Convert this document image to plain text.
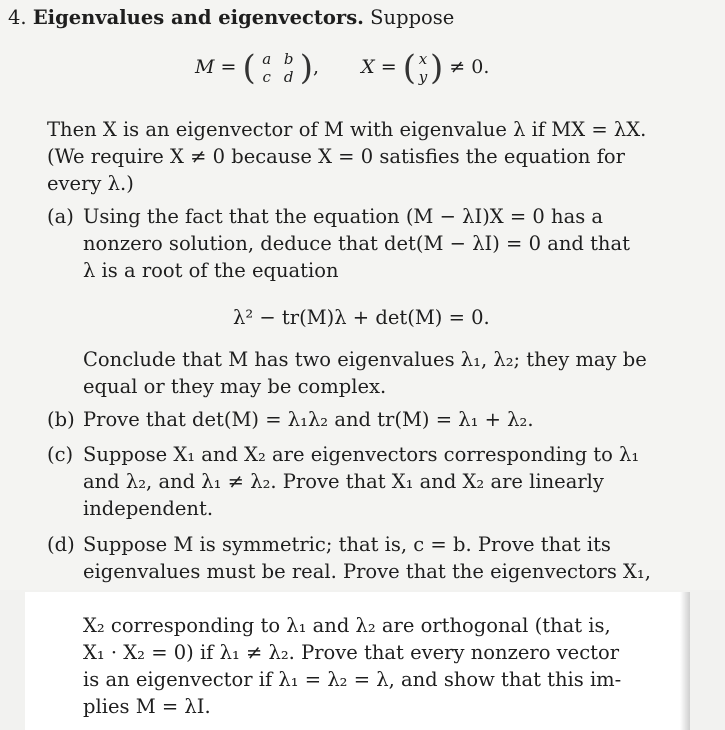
4. Eigenvalues and eigenvectors. Suppose
M = ( a b
c d ),  X = ( x
y) ≠ 0.
Then X is an eigenvector of M with eigenvalue λ if MX = λX.
(We require X ≠ 0 because X = 0 satisfies the equation for
every λ.)
(a) Using the fact that the equation (M − λI)X = 0 has a
nonzero solution, deduce that det(M − λI) = 0 and that
λ is a root of the equation
λ² − tr(M)λ + det(M) = 0.
Conclude that M has two eigenvalues λ₁, λ₂; they may be
equal or they may be complex.
(b) Prove that det(M) = λ₁λ₂ and tr(M) = λ₁ + λ₂.
(c) Suppose X₁ and X₂ are eigenvectors corresponding to λ₁
and λ₂, and λ₁ ≠ λ₂. Prove that X₁ and X₂ are linearly
independent.
(d) Suppose M is symmetric; that is, c = b. Prove that its
eigenvalues must be real. Prove that the eigenvectors X₁,
X₂ corresponding to λ₁ and λ₂ are orthogonal (that is,
X₁ · X₂ = 0) if λ₁ ≠ λ₂. Prove that every nonzero vector
is an eigenvector if λ₁ = λ₂ = λ, and show that this im-
plies M = λI.
